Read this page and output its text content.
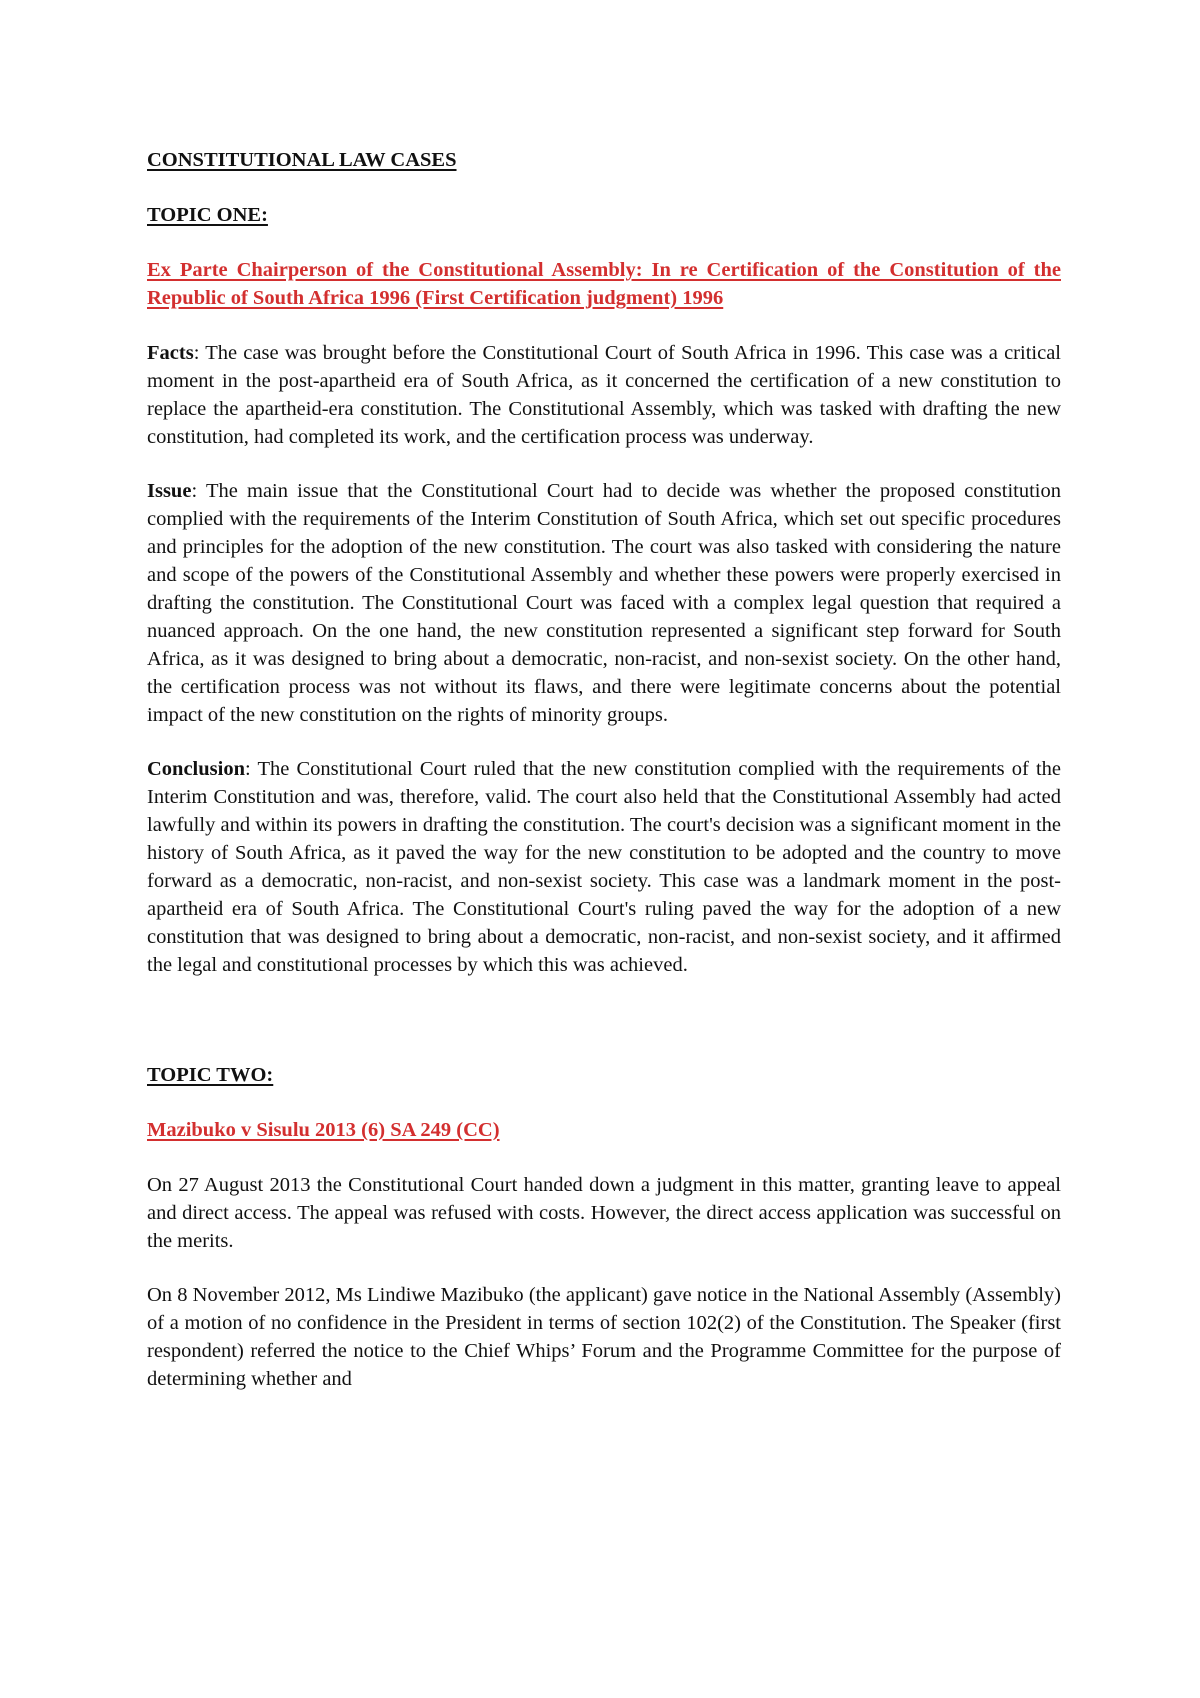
CONSTITUTIONAL LAW CASES

TOPIC ONE:

Ex Parte Chairperson of the Constitutional Assembly: In re Certification of the Constitution of the Republic of South Africa 1996 (First Certification judgment) 1996

Facts: The case was brought before the Constitutional Court of South Africa in 1996. This case was a critical moment in the post-apartheid era of South Africa, as it concerned the certification of a new constitution to replace the apartheid-era constitution. The Constitutional Assembly, which was tasked with drafting the new constitution, had completed its work, and the certification process was underway.

Issue: The main issue that the Constitutional Court had to decide was whether the proposed constitution complied with the requirements of the Interim Constitution of South Africa, which set out specific procedures and principles for the adoption of the new constitution. The court was also tasked with considering the nature and scope of the powers of the Constitutional Assembly and whether these powers were properly exercised in drafting the constitution. The Constitutional Court was faced with a complex legal question that required a nuanced approach. On the one hand, the new constitution represented a significant step forward for South Africa, as it was designed to bring about a democratic, non-racist, and non-sexist society. On the other hand, the certification process was not without its flaws, and there were legitimate concerns about the potential impact of the new constitution on the rights of minority groups.

Conclusion: The Constitutional Court ruled that the new constitution complied with the requirements of the Interim Constitution and was, therefore, valid. The court also held that the Constitutional Assembly had acted lawfully and within its powers in drafting the constitution. The court's decision was a significant moment in the history of South Africa, as it paved the way for the new constitution to be adopted and the country to move forward as a democratic, non-racist, and non-sexist society. This case was a landmark moment in the post-apartheid era of South Africa. The Constitutional Court's ruling paved the way for the adoption of a new constitution that was designed to bring about a democratic, non-racist, and non-sexist society, and it affirmed the legal and constitutional processes by which this was achieved.

TOPIC TWO:

Mazibuko v Sisulu 2013 (6) SA 249 (CC)

On 27 August 2013 the Constitutional Court handed down a judgment in this matter, granting leave to appeal and direct access. The appeal was refused with costs. However, the direct access application was successful on the merits.

On 8 November 2012, Ms Lindiwe Mazibuko (the applicant) gave notice in the National Assembly (Assembly) of a motion of no confidence in the President in terms of section 102(2) of the Constitution. The Speaker (first respondent) referred the notice to the Chief Whips’ Forum and the Programme Committee for the purpose of determining whether and
